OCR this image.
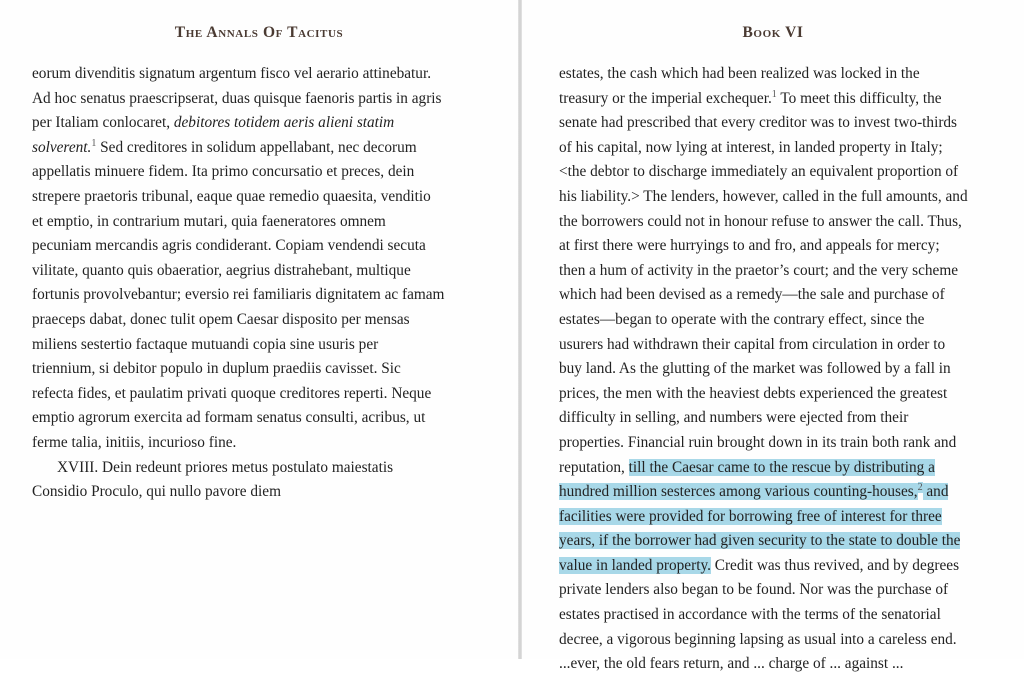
The Annals Of Tacitus
eorum divenditis signatum argentum fisco vel aerario attinebatur.
Ad hoc senatus praescripserat, duas quisque faenoris partis in agris
per Italiam conlocaret, debitores totidem aeris alieni statim
solverent.$^1$ Sed creditores in solidum appellabant, nec decorum
appellatis minuere fidem. Ita primo concursatio et preces, dein
strepere praetoris tribunal, eaque quae remedio quaesita, venditio
et emptio, in contrarium mutari, quia faeneratores omnem
pecuniam mercandis agris condiderant. Copiam vendendi secuta
vilitate, quanto quis obaeratior, aegrius distrahebant, multique
fortunis provolvebantur; eversio rei familiaris dignitatem ac famam
praeceps dabat, donec tulit opem Caesar disposito per mensas
miliens sestertio factaque mutuandi copia sine usuris per
triennium, si debitor populo in duplum praediis cavisset. Sic
refecta fides, et paulatim privati quoque creditores reperti. Neque
emptio agrorum exercita ad formam senatus consulti, acribus, ut
ferme talia, initiis, incurioso fine.
XVIII. Dein redeunt priores metus postulato maiestatis
Considio Proculo, qui nullo pavore diem
Book VI
estates, the cash which had been realized was locked in the
treasury or the imperial exchequer.$^1$ To meet this difficulty, the
senate had prescribed that every creditor was to invest two-thirds
of his capital, now lying at interest, in landed property in Italy;
<the debtor to discharge immediately an equivalent proportion of
his liability.> The lenders, however, called in the full amounts, and
the borrowers could not in honour refuse to answer the call. Thus,
at first there were hurryings to and fro, and appeals for mercy;
then a hum of activity in the praetor’s court; and the very scheme
which had been devised as a remedy—the sale and purchase of
estates—began to operate with the contrary effect, since the
usurers had withdrawn their capital from circulation in order to
buy land. As the glutting of the market was followed by a fall in
prices, the men with the heaviest debts experienced the greatest
difficulty in selling, and numbers were ejected from their
properties. Financial ruin brought down in its train both rank and
reputation, till the Caesar came to the rescue by distributing a
hundred million sesterces among various counting-houses,$^2$ and
facilities were provided for borrowing free of interest for three
years, if the borrower had given security to the state to double the
value in landed property. Credit was thus revived, and by degrees
private lenders also began to be found. Nor was the purchase of
estates practised in accordance with the terms of the senatorial
decree, a vigorous beginning lapsing as usual into a careless end.
...ever, the old fears return, and ... charge of ... against ...
